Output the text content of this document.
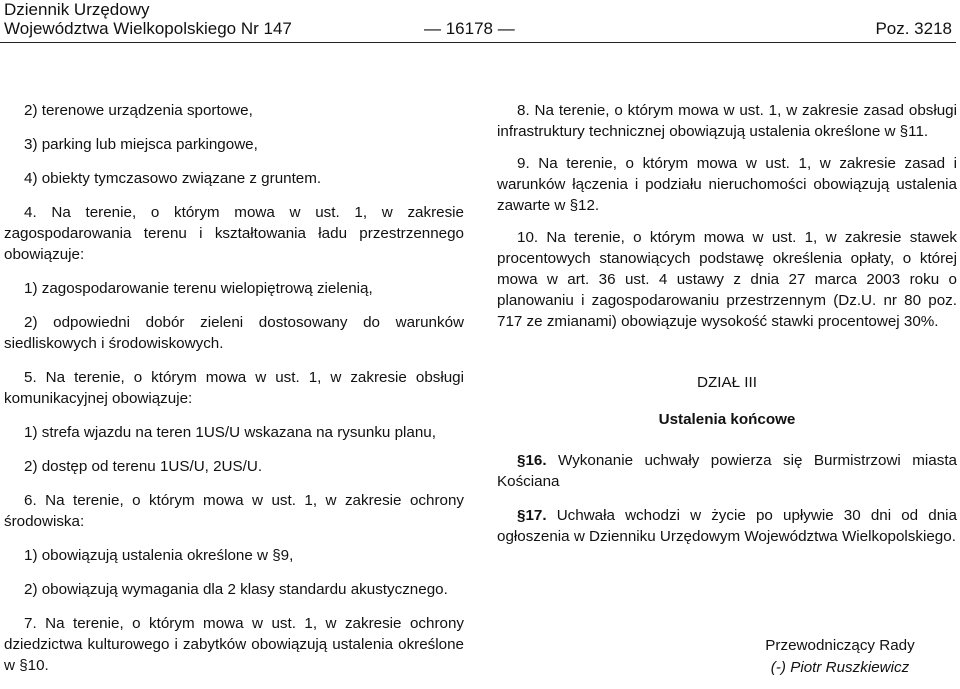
Dziennik Urzędowy
Województwa Wielkopolskiego Nr 147	— 16178 —	Poz. 3218

2) terenowe urządzenia sportowe,

3) parking lub miejsca parkingowe,

4) obiekty tymczasowo związane z gruntem.

4. Na terenie, o którym mowa w ust. 1, w zakresie zagospodarowania terenu i kształtowania ładu przestrzennego obowiązuje:

1) zagospodarowanie terenu wielopiętrową zielenią,

2) odpowiedni dobór zieleni dostosowany do warunków siedliskowych i środowiskowych.

5. Na terenie, o którym mowa w ust. 1, w zakresie obsługi komunikacyjnej obowiązuje:

1) strefa wjazdu na teren 1US/U wskazana na rysunku planu,

2) dostęp od terenu 1US/U, 2US/U.

6. Na terenie, o którym mowa w ust. 1, w zakresie ochrony środowiska:

1) obowiązują ustalenia określone w §9,

2) obowiązują wymagania dla 2 klasy standardu akustycznego.

7. Na terenie, o którym mowa w ust. 1, w zakresie ochrony dziedzictwa kulturowego i zabytków obowiązują ustalenia określone w §10.

8. Na terenie, o którym mowa w ust. 1, w zakresie zasad obsługi infrastruktury technicznej obowiązują ustalenia określone w §11.

9. Na terenie, o którym mowa w ust. 1, w zakresie zasad i warunków łączenia i podziału nieruchomości obowiązują ustalenia zawarte w §12.

10. Na terenie, o którym mowa w ust. 1, w zakresie stawek procentowych stanowiących podstawę określenia opłaty, o której mowa w art. 36 ust. 4 ustawy z dnia 27 marca 2003 roku o planowaniu i zagospodarowaniu przestrzennym (Dz.U. nr 80 poz. 717 ze zmianami) obowiązuje wysokość stawki procentowej 30%.

DZIAŁ III

Ustalenia końcowe

§16. Wykonanie uchwały powierza się Burmistrzowi miasta Kościana

§17. Uchwała wchodzi w życie po upływie 30 dni od dnia ogłoszenia w Dzienniku Urzędowym Województwa Wielkopolskiego.

Przewodniczący Rady
(-) Piotr Ruszkiewicz
